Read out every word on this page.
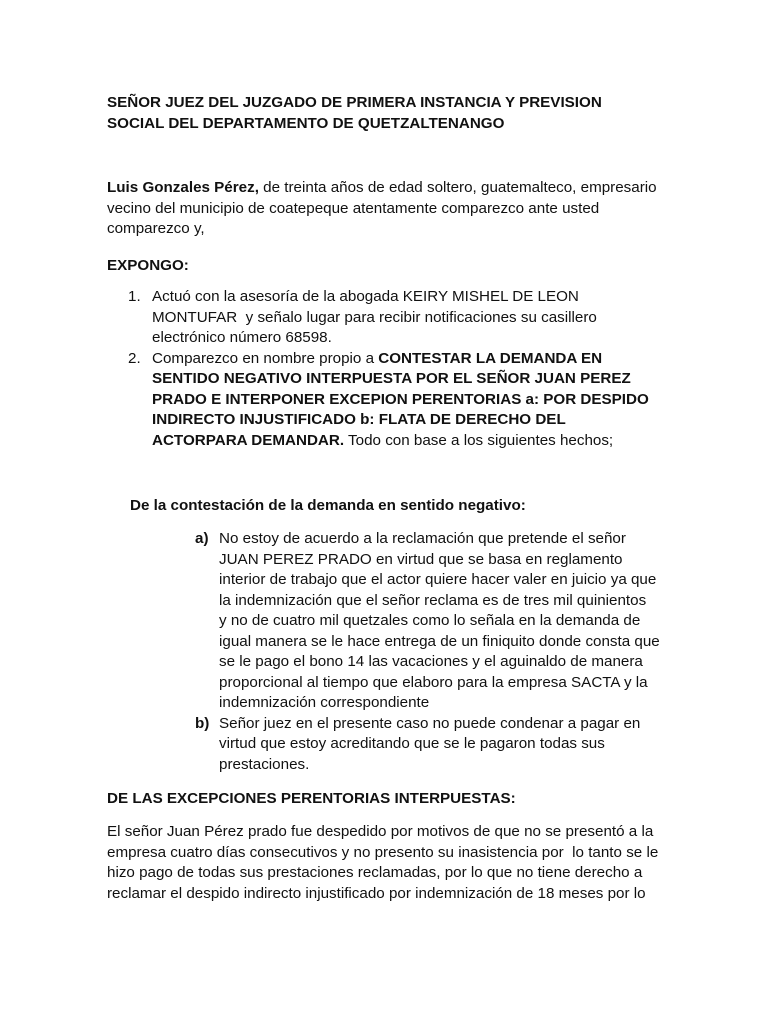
SEÑOR JUEZ DEL JUZGADO DE PRIMERA INSTANCIA Y PREVISION
SOCIAL DEL DEPARTAMENTO DE QUETZALTENANGO
Luis Gonzales Pérez, de treinta años de edad soltero, guatemalteco, empresario
vecino del municipio de coatepeque atentamente comparezco ante usted
comparezco y,
EXPONGO:
1. Actuó con la asesoría de la abogada KEIRY MISHEL DE LEON
MONTUFAR  y señalo lugar para recibir notificaciones su casillero
electrónico número 68598.
2. Comparezco en nombre propio a CONTESTAR LA DEMANDA EN
SENTIDO NEGATIVO INTERPUESTA POR EL SEÑOR JUAN PEREZ
PRADO E INTERPONER EXCEPION PERENTORIAS a: POR DESPIDO
INDIRECTO INJUSTIFICADO b: FLATA DE DERECHO DEL
ACTORPARA DEMANDAR. Todo con base a los siguientes hechos;
De la contestación de la demanda en sentido negativo:
a) No estoy de acuerdo a la reclamación que pretende el señor
JUAN PEREZ PRADO en virtud que se basa en reglamento
interior de trabajo que el actor quiere hacer valer en juicio ya que
la indemnización que el señor reclama es de tres mil quinientos
y no de cuatro mil quetzales como lo señala en la demanda de
igual manera se le hace entrega de un finiquito donde consta que
se le pago el bono 14 las vacaciones y el aguinaldo de manera
proporcional al tiempo que elaboro para la empresa SACTA y la
indemnización correspondiente
b) Señor juez en el presente caso no puede condenar a pagar en
virtud que estoy acreditando que se le pagaron todas sus
prestaciones.
DE LAS EXCEPCIONES PERENTORIAS INTERPUESTAS:
El señor Juan Pérez prado fue despedido por motivos de que no se presentó a la
empresa cuatro días consecutivos y no presento su inasistencia por  lo tanto se le
hizo pago de todas sus prestaciones reclamadas, por lo que no tiene derecho a
reclamar el despido indirecto injustificado por indemnización de 18 meses por lo
